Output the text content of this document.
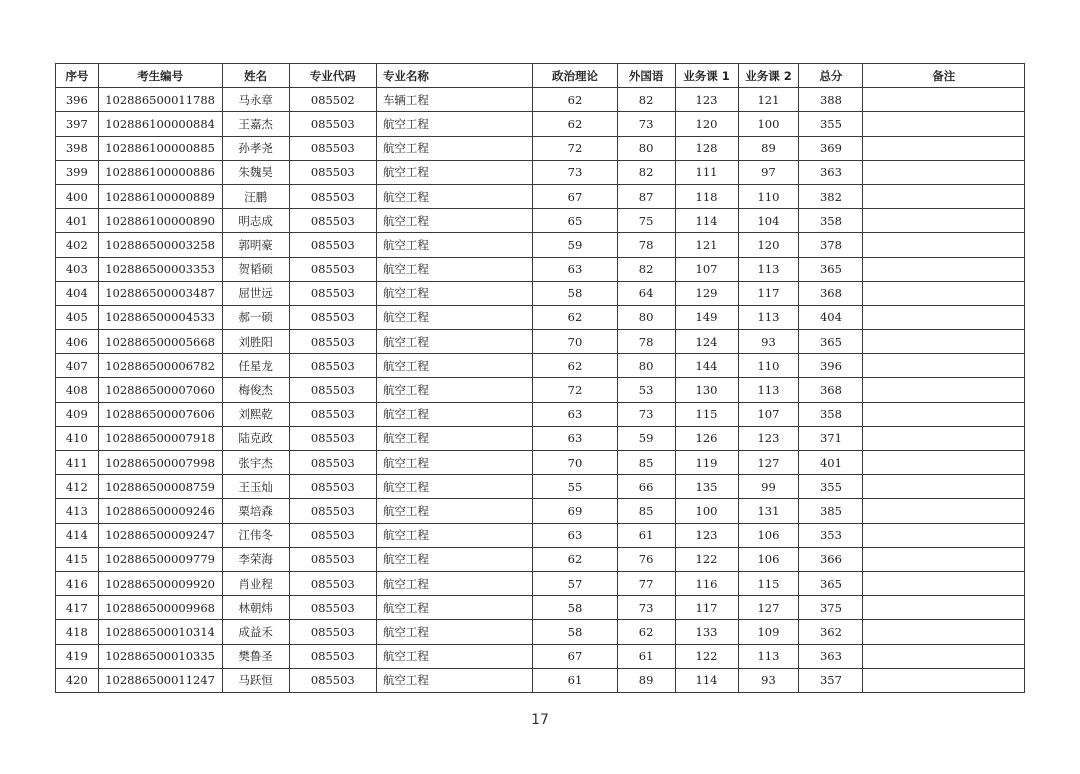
序号	考生编号	姓名	专业代码	专业名称	政治理论	外国语	业务课 1	业务课 2	总分	备注
396	102886500011788	马永章	085502	车辆工程	62	82	123	121	388	
397	102886100000884	王嘉杰	085503	航空工程	62	73	120	100	355	
398	102886100000885	孙孝尧	085503	航空工程	72	80	128	89	369	
399	102886100000886	朱魏昊	085503	航空工程	73	82	111	97	363	
400	102886100000889	汪鹏	085503	航空工程	67	87	118	110	382	
401	102886100000890	明志成	085503	航空工程	65	75	114	104	358	
402	102886500003258	郭明豪	085503	航空工程	59	78	121	120	378	
403	102886500003353	贺韬硕	085503	航空工程	63	82	107	113	365	
404	102886500003487	屈世远	085503	航空工程	58	64	129	117	368	
405	102886500004533	郝一硕	085503	航空工程	62	80	149	113	404	
406	102886500005668	刘胜阳	085503	航空工程	70	78	124	93	365	
407	102886500006782	任星龙	085503	航空工程	62	80	144	110	396	
408	102886500007060	梅俊杰	085503	航空工程	72	53	130	113	368	
409	102886500007606	刘熙乾	085503	航空工程	63	73	115	107	358	
410	102886500007918	陆克政	085503	航空工程	63	59	126	123	371	
411	102886500007998	张宇杰	085503	航空工程	70	85	119	127	401	
412	102886500008759	王玉灿	085503	航空工程	55	66	135	99	355	
413	102886500009246	栗培森	085503	航空工程	69	85	100	131	385	
414	102886500009247	江伟冬	085503	航空工程	63	61	123	106	353	
415	102886500009779	李荣海	085503	航空工程	62	76	122	106	366	
416	102886500009920	肖业程	085503	航空工程	57	77	116	115	365	
417	102886500009968	林朝炜	085503	航空工程	58	73	117	127	375	
418	102886500010314	成益禾	085503	航空工程	58	62	133	109	362	
419	102886500010335	樊鲁圣	085503	航空工程	67	61	122	113	363	
420	102886500011247	马跃恒	085503	航空工程	61	89	114	93	357	
17
